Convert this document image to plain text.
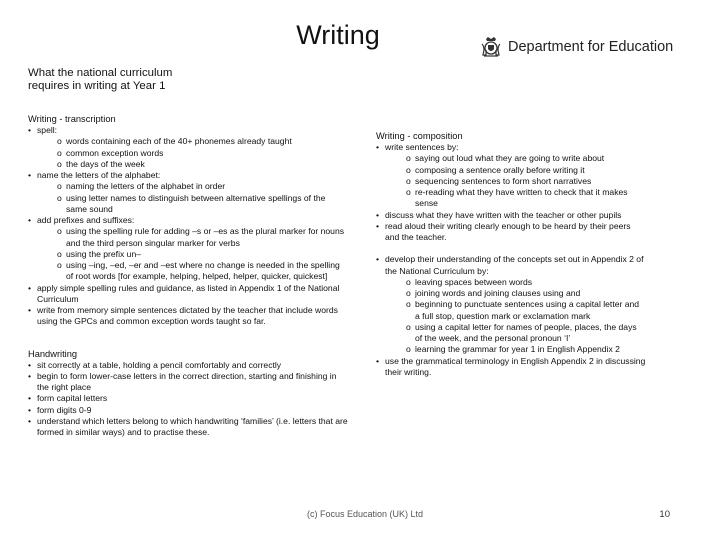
Writing	Department for Education
What the national curriculum
requires in writing at Year 1

Writing - transcription

• spell:

o words containing each of the 40+ phonemes already taught

o common exception words

o the days of the week

• name the letters of the alphabet:

o naming the letters of the alphabet in order

o using letter names to distinguish between alternative spellings of the same sound

• add prefixes and suffixes:

o using the spelling rule for adding –s or –es as the plural marker for nouns and the third person singular marker for verbs

o using the prefix un–

o using –ing, –ed, –er and –est where no change is needed in the spelling of root words [for example, helping, helped, helper, quicker, quickest]

• apply simple spelling rules and guidance, as listed in Appendix 1 of the National Curriculum

• write from memory simple sentences dictated by the teacher that include words using the GPCs and common exception words taught so far.

Handwriting

• sit correctly at a table, holding a pencil comfortably and correctly

• begin to form lower-case letters in the correct direction, starting and finishing in the right place

• form capital letters

• form digits 0-9

• understand which letters belong to which handwriting ‘families’ (i.e. letters that are formed in similar ways) and to practise these.

Writing - composition

• write sentences by:

o saying out loud what they are going to write about

o composing a sentence orally before writing it

o sequencing sentences to form short narratives

o re-reading what they have written to check that it makes sense

• discuss what they have written with the teacher or other pupils

• read aloud their writing clearly enough to be heard by their peers and the teacher.

• develop their understanding of the concepts set out in Appendix 2 of the National Curriculum by:

o leaving spaces between words

o joining words and joining clauses using and

o beginning to punctuate sentences using a capital letter and a full stop, question mark or exclamation mark

o using a capital letter for names of people, places, the days of the week, and the personal pronoun ‘I’

o learning the grammar for year 1 in English Appendix 2

• use the grammatical terminology in English Appendix 2 in discussing their writing.

(c) Focus Education (UK) Ltd	10
